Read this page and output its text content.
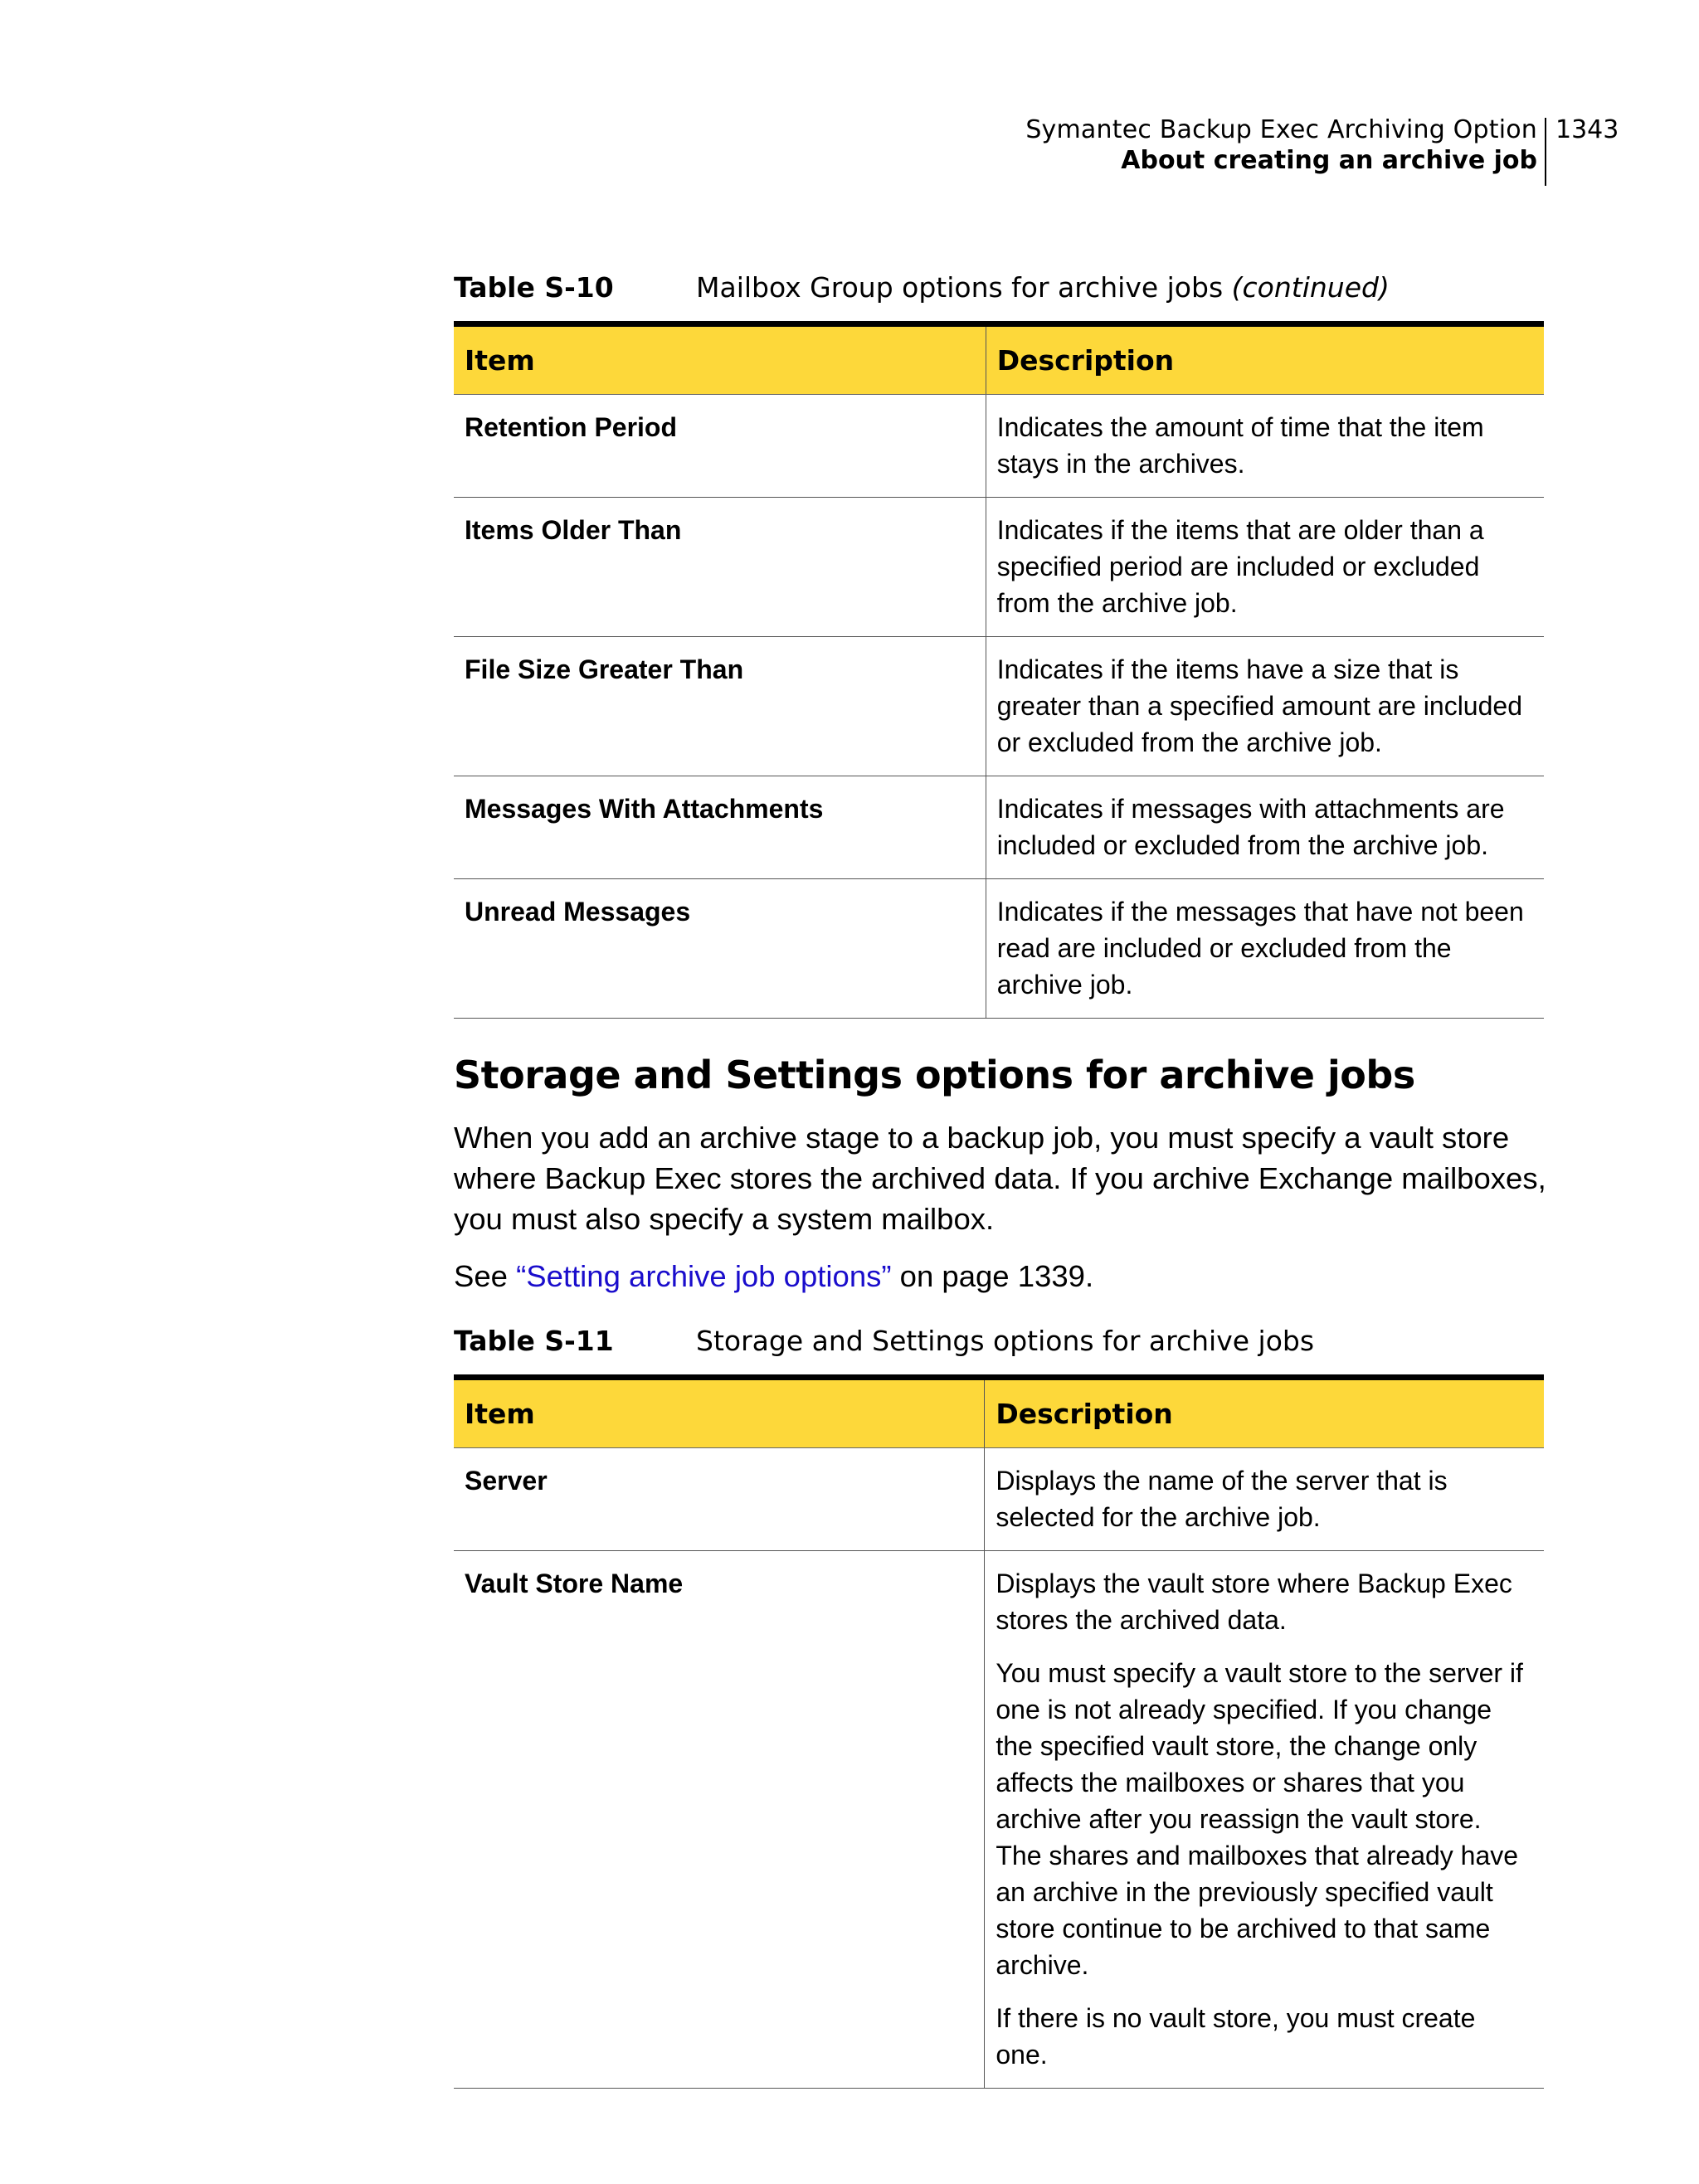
Symantec Backup Exec Archiving Option
About creating an archive job
1343
Table S-10	Mailbox Group options for archive jobs (continued)
Item	Description
Retention Period	Indicates the amount of time that the item stays in the archives.

Items Older Than	Indicates if the items that are older than a specified period are included or excluded from the archive job.

File Size Greater Than	Indicates if the items have a size that is greater than a specified amount are included or excluded from the archive job.

Messages With Attachments	Indicates if messages with attachments are included or excluded from the archive job.

Unread Messages	Indicates if the messages that have not been read are included or excluded from the archive job.

Storage and Settings options for archive jobs

When you add an archive stage to a backup job, you must specify a vault store where Backup Exec stores the archived data. If you archive Exchange mailboxes, you must also specify a system mailbox.

See “Setting archive job options” on page 1339.

Table S-11	Storage and Settings options for archive jobs
Item	Description
Server	Displays the name of the server that is selected for the archive job.

Vault Store Name	Displays the vault store where Backup Exec stores the archived data.

You must specify a vault store to the server if one is not already specified. If you change the specified vault store, the change only affects the mailboxes or shares that you archive after you reassign the vault store. The shares and mailboxes that already have an archive in the previously specified vault store continue to be archived to that same archive.

If there is no vault store, you must create one.
